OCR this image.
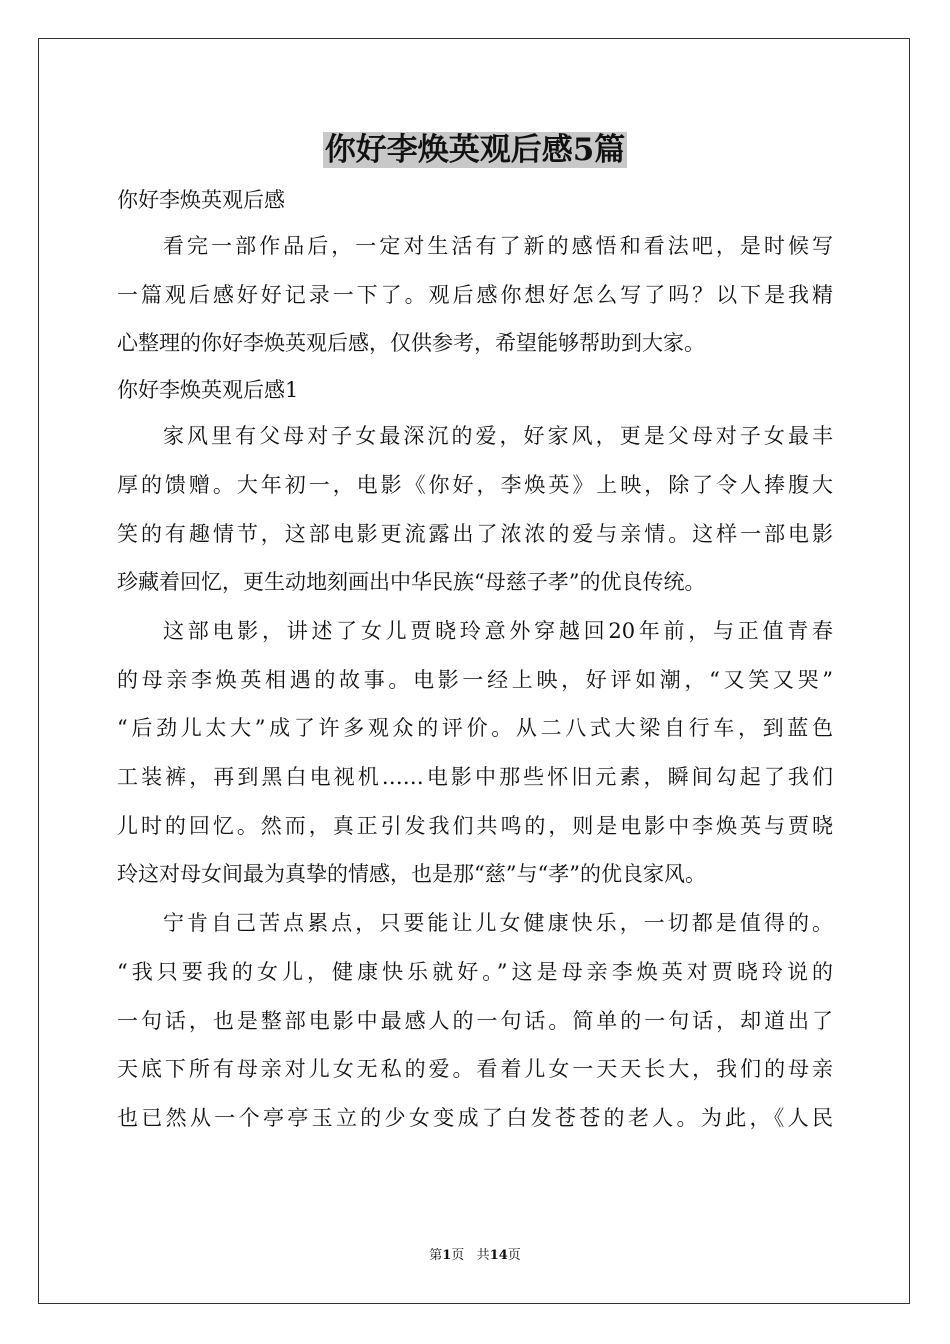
你好李焕英观后感5篇
你好李焕英观后感
看完一部作品后，一定对生活有了新的感悟和看法吧，是时候写
一篇观后感好好记录一下了。观后感你想好怎么写了吗？以下是我精
心整理的你好李焕英观后感，仅供参考，希望能够帮助到大家。
你好李焕英观后感1
家风里有父母对子女最深沉的爱，好家风，更是父母对子女最丰
厚的馈赠。大年初一，电影《你好，李焕英》上映，除了令人捧腹大
笑的有趣情节，这部电影更流露出了浓浓的爱与亲情。这样一部电影
珍藏着回忆，更生动地刻画出中华民族“母慈子孝”的优良传统。
这部电影，讲述了女儿贾晓玲意外穿越回20年前，与正值青春
的母亲李焕英相遇的故事。电影一经上映，好评如潮，“又笑又哭”
“后劲儿太大”成了许多观众的评价。从二八式大梁自行车，到蓝色
工装裤，再到黑白电视机……电影中那些怀旧元素，瞬间勾起了我们
儿时的回忆。然而，真正引发我们共鸣的，则是电影中李焕英与贾晓
玲这对母女间最为真挚的情感，也是那“慈”与“孝”的优良家风。
宁肯自己苦点累点，只要能让儿女健康快乐，一切都是值得的。
“我只要我的女儿，健康快乐就好。”这是母亲李焕英对贾晓玲说的
一句话，也是整部电影中最感人的一句话。简单的一句话，却道出了
天底下所有母亲对儿女无私的爱。看着儿女一天天长大，我们的母亲
也已然从一个亭亭玉立的少女变成了白发苍苍的老人。为此，《人民
第1页 共14页
